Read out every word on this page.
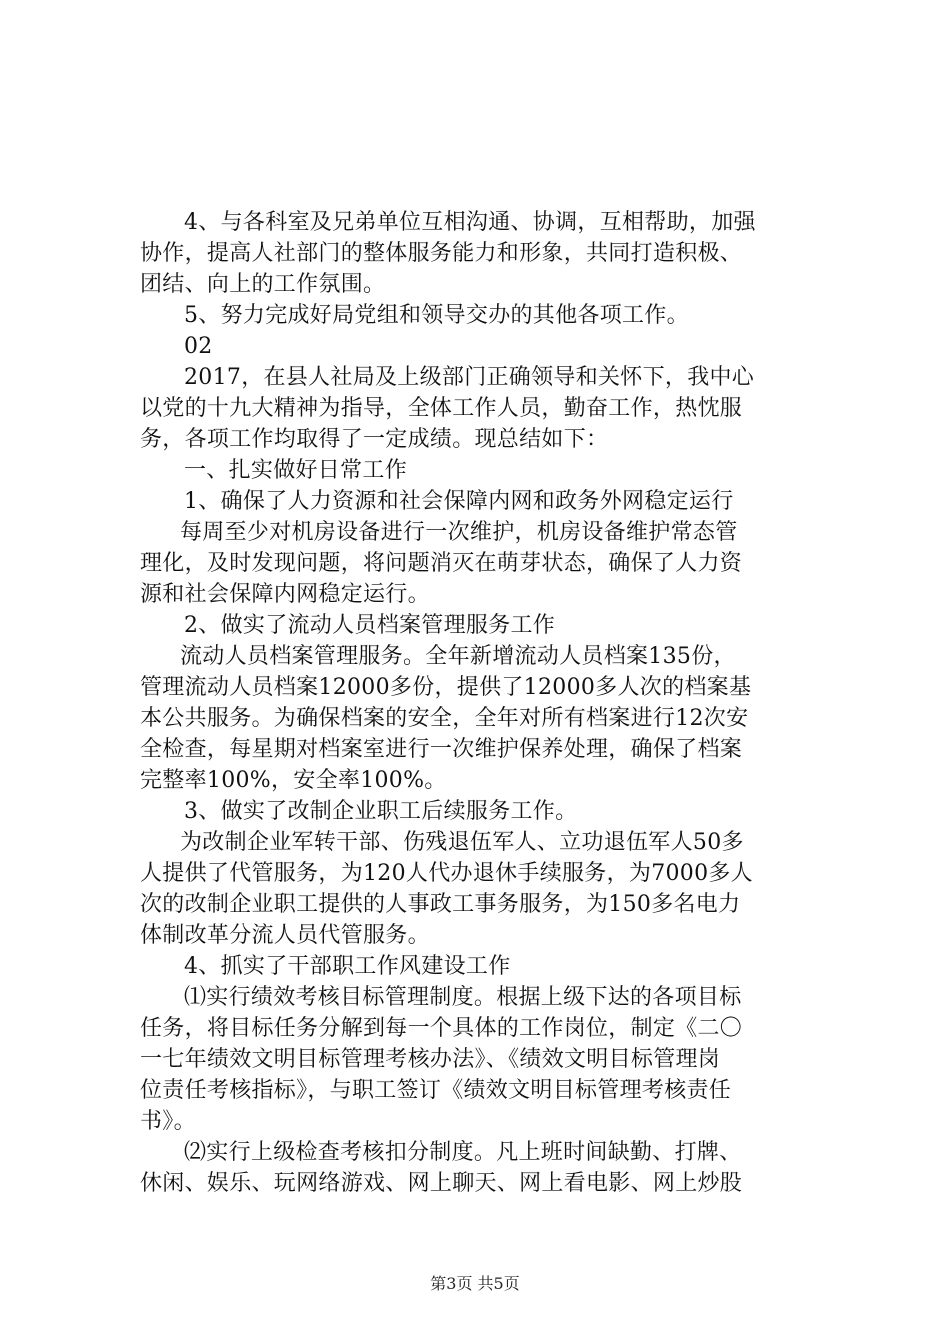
4、与各科室及兄弟单位互相沟通、协调，互相帮助，加强
协作，提高人社部门的整体服务能力和形象，共同打造积极、
团结、向上的工作氛围。
5、努力完成好局党组和领导交办的其他各项工作。
02
2017，在县人社局及上级部门正确领导和关怀下，我中心
以党的十九大精神为指导，全体工作人员，勤奋工作，热忱服
务，各项工作均取得了一定成绩。现总结如下：
一、扎实做好日常工作
1、确保了人力资源和社会保障内网和政务外网稳定运行
每周至少对机房设备进行一次维护，机房设备维护常态管
理化，及时发现问题，将问题消灭在萌芽状态，确保了人力资
源和社会保障内网稳定运行。
2、做实了流动人员档案管理服务工作
流动人员档案管理服务。全年新增流动人员档案135份，
管理流动人员档案12000多份，提供了12000多人次的档案基
本公共服务。为确保档案的安全，全年对所有档案进行12次安
全检查，每星期对档案室进行一次维护保养处理，确保了档案
完整率100%，安全率100%。
3、做实了改制企业职工后续服务工作。
为改制企业军转干部、伤残退伍军人、立功退伍军人50多
人提供了代管服务，为120人代办退休手续服务，为7000多人
次的改制企业职工提供的人事政工事务服务，为150多名电力
体制改革分流人员代管服务。
4、抓实了干部职工作风建设工作
⑴实行绩效考核目标管理制度。根据上级下达的各项目标
任务，将目标任务分解到每一个具体的工作岗位，制定《二〇
一七年绩效文明目标管理考核办法》、《绩效文明目标管理岗
位责任考核指标》，与职工签订《绩效文明目标管理考核责任
书》。
⑵实行上级检查考核扣分制度。凡上班时间缺勤、打牌、
休闲、娱乐、玩网络游戏、网上聊天、网上看电影、网上炒股
第3页 共5页
